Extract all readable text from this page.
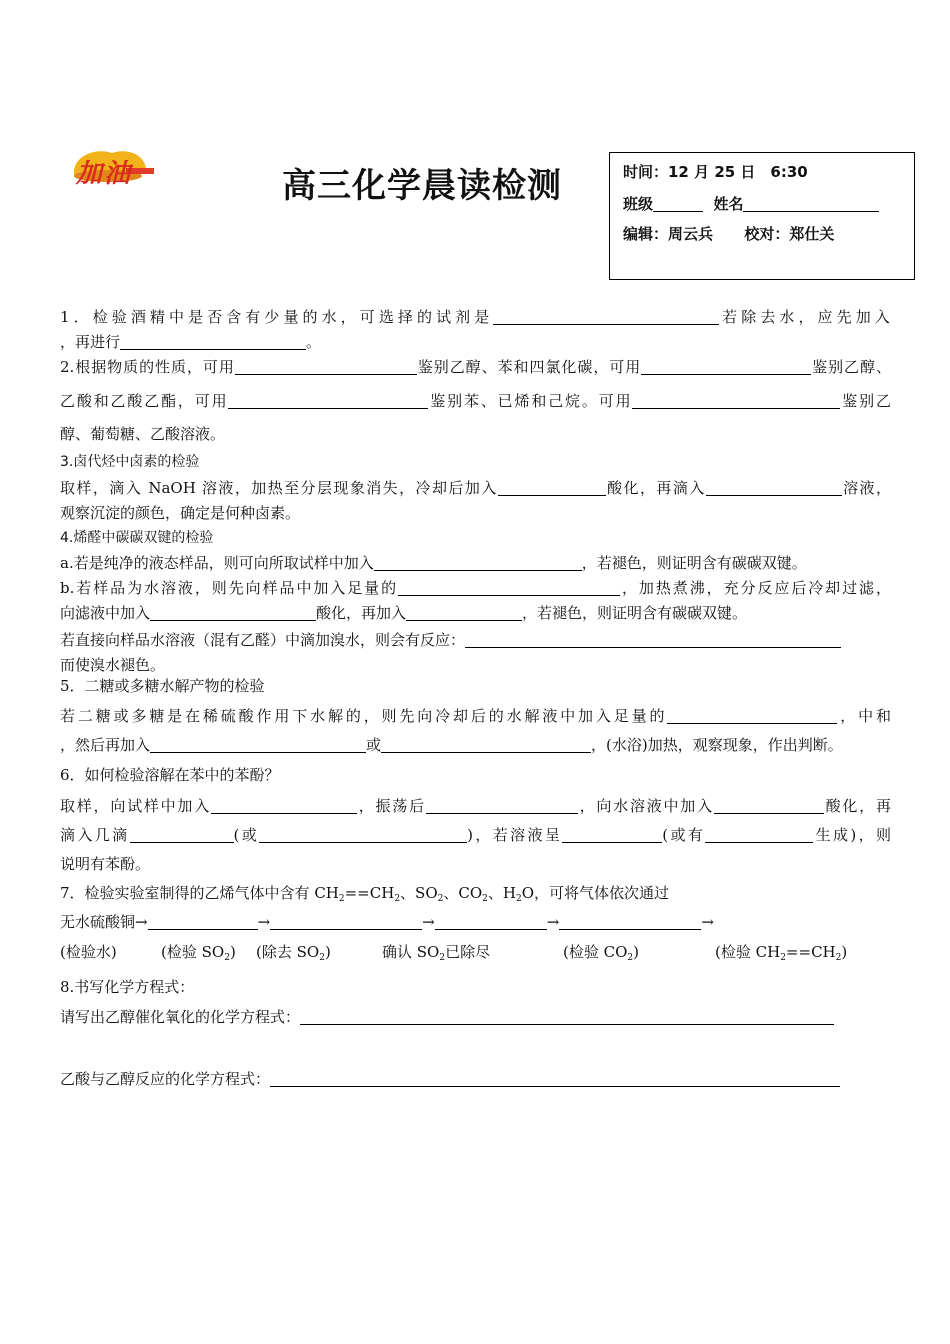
加油	高三化学晨读检测	时间：12 月 25 日　6:30
班级	姓名
编辑：周云兵 校对：郑仕关
1．检验酒精中是否含有少量的水，可选择的试剂是	若除去水，应先加入
，再进行	。
2.根据物质的性质，可用	鉴别乙醇、苯和四氯化碳，可用	鉴别乙醇、
乙酸和乙酸乙酯，可用	鉴别苯、已烯和己烷。可用	鉴别乙
醇、葡萄糖、乙酸溶液。
3.卤代烃中卤素的检验
取样，滴入 NaOH 溶液，加热至分层现象消失，冷却后加入	酸化，再滴入	溶液，
观察沉淀的颜色，确定是何种卤素。
4.烯醛中碳碳双键的检验
a.若是纯净的液态样品，则可向所取试样中加入	，若褪色，则证明含有碳碳双键。
b.若样品为水溶液，则先向样品中加入足量的	，加热煮沸，充分反应后冷却过滤，
向滤液中加入	酸化，再加入	，若褪色，则证明含有碳碳双键。
若直接向样品水溶液（混有乙醛）中滴加溴水，则会有反应：
而使溴水褪色。
5．二糖或多糖水解产物的检验
若二糖或多糖是在稀硫酸作用下水解的，则先向冷却后的水解液中加入足量的	，中和
，然后再加入	或	，(水浴)加热，观察现象，作出判断。
6．如何检验溶解在苯中的苯酚？
取样，向试样中加入	，振荡后	，向水溶液中加入	酸化，再
滴入几滴	(或	)，若溶液呈	(或有	生成)，则
说明有苯酚。
7．检验实验室制得的乙烯气体中含有 $CH_2==CH_2$、$SO_2$、$CO_2$、$H_2O$，可将气体依次通过
无水硫酸铜→	→	→	→	→
(检验水)	(检验 $SO_2$) (除去 $SO_2$)	确认 $SO_2$已除尽	(检验 $CO_2$)	(检验 $CH_2==CH_2$)
8.书写化学方程式：
请写出乙醇催化氧化的化学方程式：
乙酸与乙醇反应的化学方程式：
